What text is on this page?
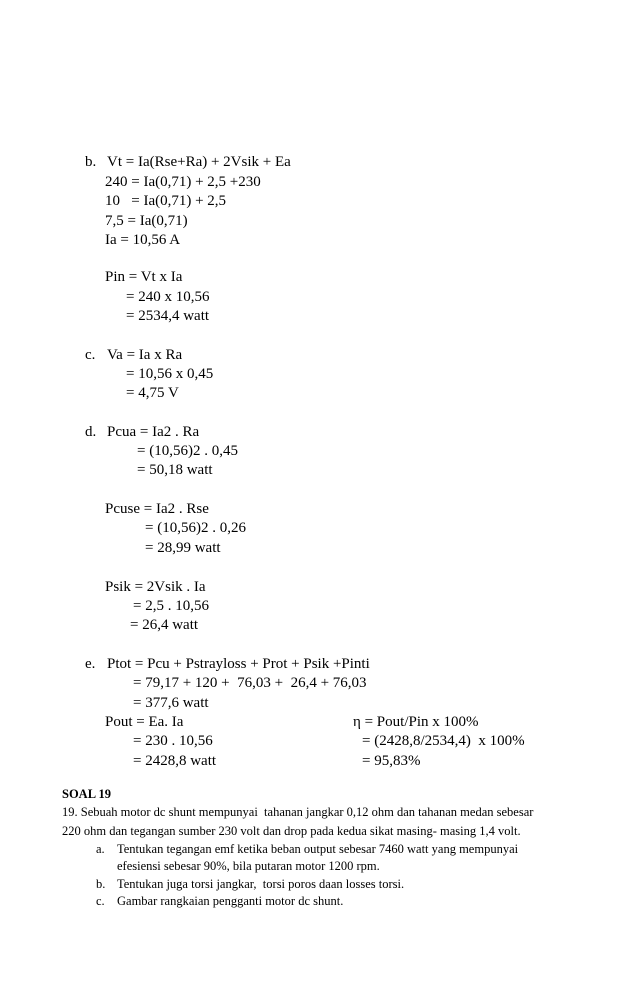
b. Vt = Ia(Rse+Ra) + 2Vsik + Ea
240 = Ia(0,71) + 2,5 +230
10   = Ia(0,71) + 2,5
7,5 = Ia(0,71)
Ia = 10,56 A
Pin = Vt x Ia
= 240 x 10,56
= 2534,4 watt
c. Va = Ia x Ra
= 10,56 x 0,45
= 4,75 V
d. Pcua = Ia2 . Ra
= (10,56)2 . 0,45
= 50,18 watt
Pcuse = Ia2 . Rse
= (10,56)2 . 0,26
= 28,99 watt
Psik = 2Vsik . Ia
= 2,5 . 10,56
= 26,4 watt
e. Ptot = Pcu + Pstrayloss + Prot + Psik +Pinti
= 79,17 + 120 +  76,03 +  26,4 + 76,03
= 377,6 watt
Pout = Ea. Ia
= 230 . 10,56
= 2428,8 watt
η = Pout/Pin x 100%
= (2428,8/2534,4)  x 100%
= 95,83%
SOAL 19
19. Sebuah motor dc shunt mempunyai  tahanan jangkar 0,12 ohm dan tahanan medan sebesar
220 ohm dan tegangan sumber 230 volt dan drop pada kedua sikat masing- masing 1,4 volt.
a. Tentukan tegangan emf ketika beban output sebesar 7460 watt yang mempunyai
efesiensi sebesar 90%, bila putaran motor 1200 rpm.
b. Tentukan juga torsi jangkar,  torsi poros daan losses torsi.
c. Gambar rangkaian pengganti motor dc shunt.
